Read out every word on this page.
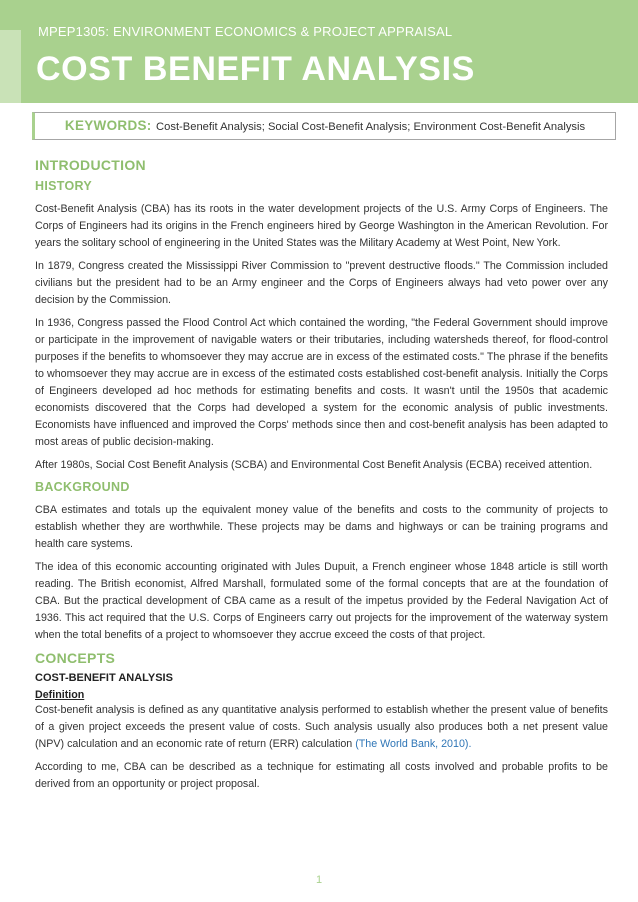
MPEP1305: ENVIRONMENT ECONOMICS & PROJECT APPRAISAL
COST BENEFIT ANALYSIS
KEYWORDS: Cost-Benefit Analysis; Social Cost-Benefit Analysis; Environment Cost-Benefit Analysis
INTRODUCTION
HISTORY

Cost-Benefit Analysis (CBA) has its roots in the water development projects of the U.S. Army Corps of Engineers. The Corps of Engineers had its origins in the French engineers hired by George Washington in the American Revolution. For years the solitary school of engineering in the United States was the Military Academy at West Point, New York.

In 1879, Congress created the Mississippi River Commission to "prevent destructive floods." The Commission included civilians but the president had to be an Army engineer and the Corps of Engineers always had veto power over any decision by the Commission.

In 1936, Congress passed the Flood Control Act which contained the wording, "the Federal Government should improve or participate in the improvement of navigable waters or their tributaries, including watersheds thereof, for flood-control purposes if the benefits to whomsoever they may accrue are in excess of the estimated costs." The phrase if the benefits to whomsoever they may accrue are in excess of the estimated costs established cost-benefit analysis. Initially the Corps of Engineers developed ad hoc methods for estimating benefits and costs. It wasn't until the 1950s that academic economists discovered that the Corps had developed a system for the economic analysis of public investments. Economists have influenced and improved the Corps' methods since then and cost-benefit analysis has been adapted to most areas of public decision-making.

After 1980s, Social Cost Benefit Analysis (SCBA) and Environmental Cost Benefit Analysis (ECBA) received attention.

BACKGROUND

CBA estimates and totals up the equivalent money value of the benefits and costs to the community of projects to establish whether they are worthwhile. These projects may be dams and highways or can be training programs and health care systems.

The idea of this economic accounting originated with Jules Dupuit, a French engineer whose 1848 article is still worth reading. The British economist, Alfred Marshall, formulated some of the formal concepts that are at the foundation of CBA. But the practical development of CBA came as a result of the impetus provided by the Federal Navigation Act of 1936. This act required that the U.S. Corps of Engineers carry out projects for the improvement of the waterway system when the total benefits of a project to whomsoever they accrue exceed the costs of that project.

CONCEPTS
COST-BENEFIT ANALYSIS
Definition

Cost-benefit analysis is defined as any quantitative analysis performed to establish whether the present value of benefits of a given project exceeds the present value of costs. Such analysis usually also produces both a net present value (NPV) calculation and an economic rate of return (ERR) calculation (The World Bank, 2010).

According to me, CBA can be described as a technique for estimating all costs involved and probable profits to be derived from an opportunity or project proposal.

1
